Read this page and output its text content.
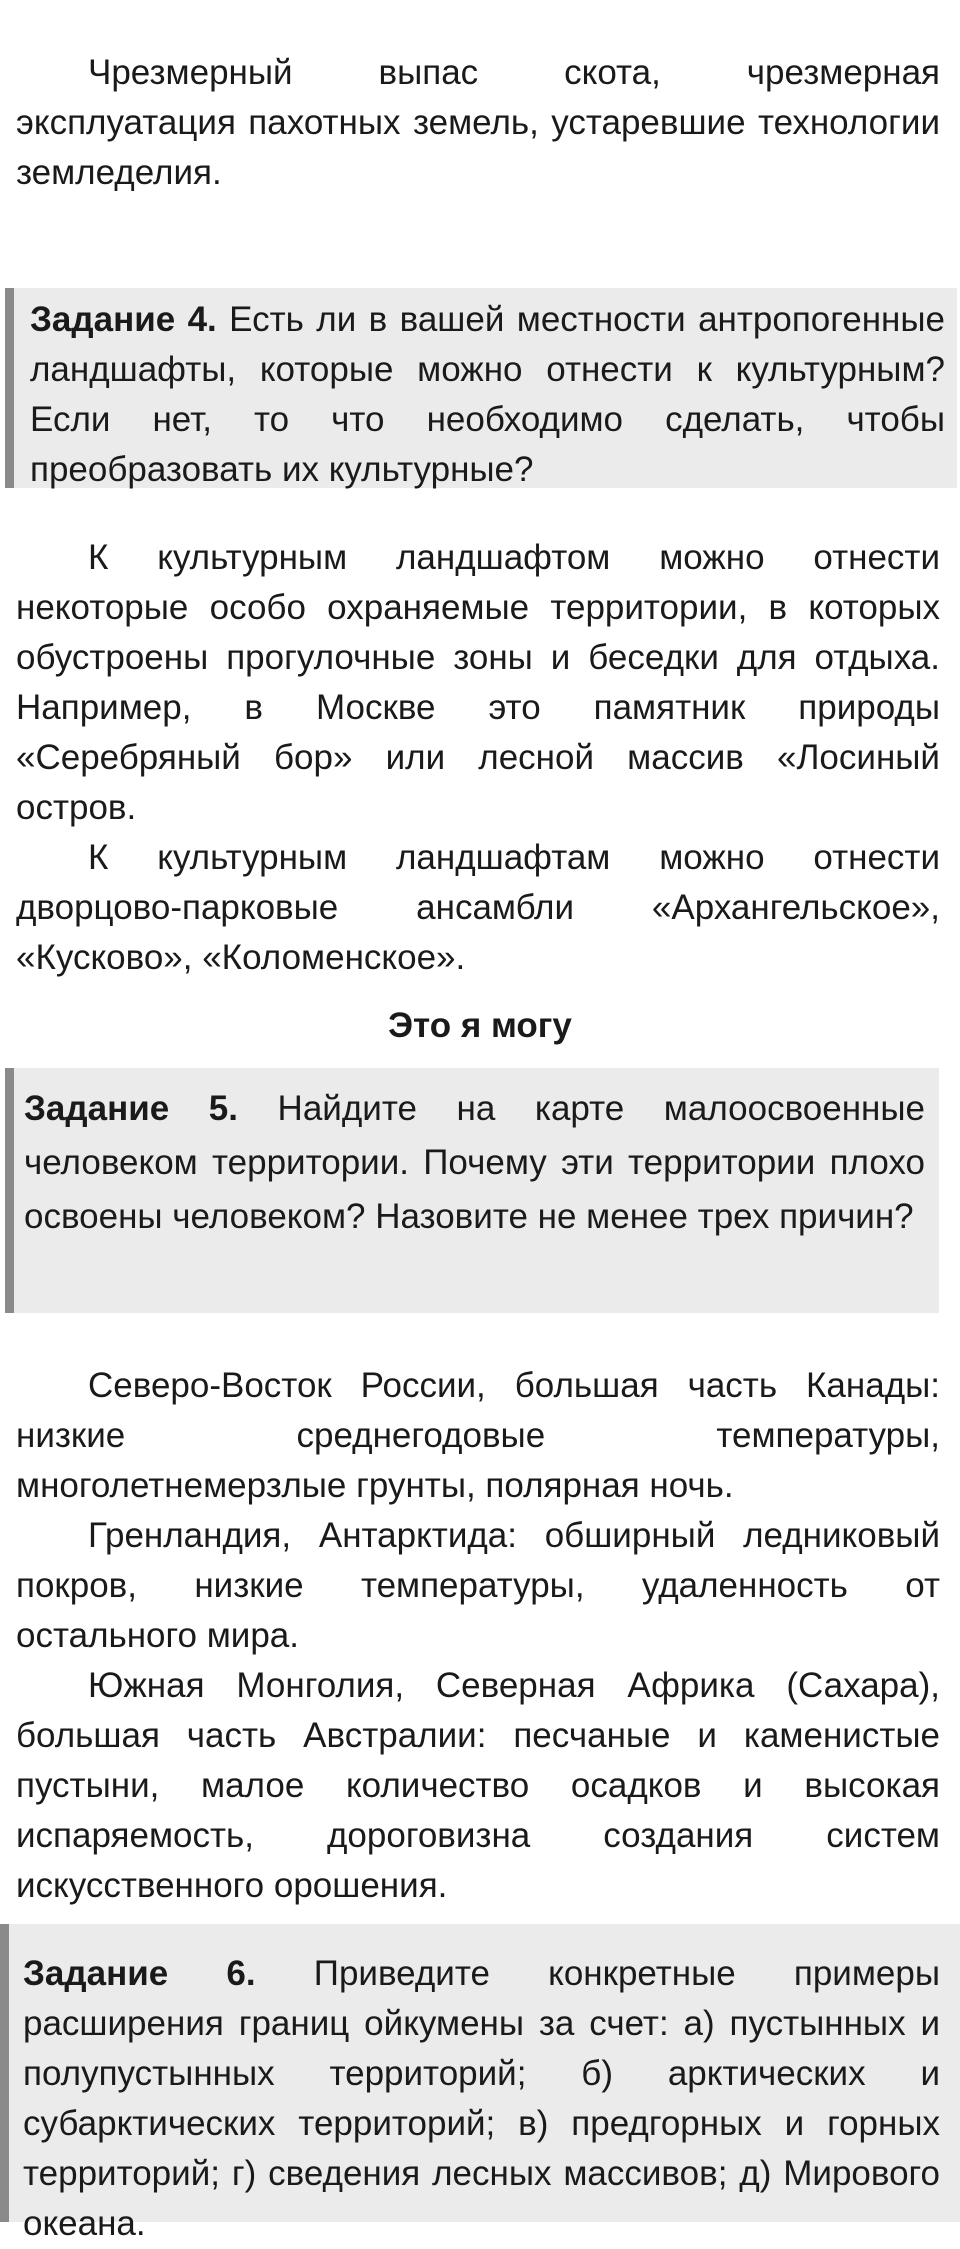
Чрезмерный выпас скота, чрезмерная эксплуатация пахотных земель, устаревшие технологии земледелия.

Задание 4. Есть ли в вашей местности антропогенные ландшафты, которые можно отнести к культурным? Если нет, то что необходимо сделать, чтобы преобразовать их культурные?

К культурным ландшафтом можно отнести некоторые особо охраняемые территории, в которых обустроены прогулочные зоны и беседки для отдыха. Например, в Москве это памятник природы «Серебряный бор» или лесной массив «Лосиный остров.

К культурным ландшафтам можно отнести дворцово-парковые ансамбли «Архангельское», «Кусково», «Коломенское».

Это я могу

Задание 5. Найдите на карте малоосвоенные человеком территории. Почему эти территории плохо освоены человеком? Назовите не менее трех причин?

Северо-Восток России, большая часть Канады: низкие среднегодовые температуры, многолетнемерзлые грунты, полярная ночь.

Гренландия, Антарктида: обширный ледниковый покров, низкие температуры, удаленность от остального мира.

Южная Монголия, Северная Африка (Сахара), большая часть Австралии: песчаные и каменистые пустыни, малое количество осадков и высокая испаряемость, дороговизна создания систем искусственного орошения.

Задание 6. Приведите конкретные примеры расширения границ ойкумены за счет: а) пустынных и полупустынных территорий; б) арктических и субарктических территорий; в) предгорных и горных территорий; г) сведения лесных массивов; д) Мирового океана.
